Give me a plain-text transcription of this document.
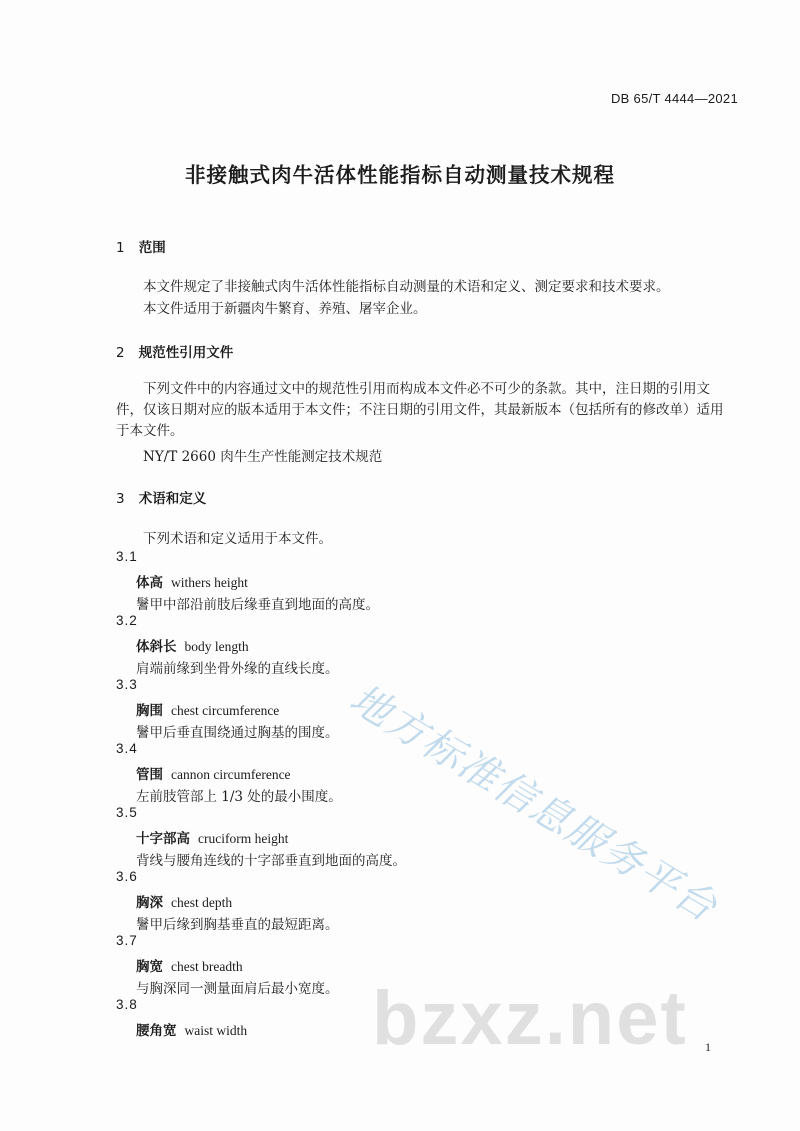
DB 65/T 4444—2021
非接触式肉牛活体性能指标自动测量技术规程
1 范围
本文件规定了非接触式肉牛活体性能指标自动测量的术语和定义、测定要求和技术要求。
本文件适用于新疆肉牛繁育、养殖、屠宰企业。
2 规范性引用文件

下列文件中的内容通过文中的规范性引用而构成本文件必不可少的条款。其中，注日期的引用文件，仅该日期对应的版本适用于本文件；不注日期的引用文件，其最新版本（包括所有的修改单）适用于本文件。

NY/T 2660 肉牛生产性能测定技术规范
3 术语和定义
下列术语和定义适用于本文件。
3.1
体高 withers height
鬐甲中部沿前肢后缘垂直到地面的高度。
3.2
体斜长 body length
肩端前缘到坐骨外缘的直线长度。
3.3
胸围 chest circumference
鬐甲后垂直围绕通过胸基的围度。
3.4
管围 cannon circumference
左前肢管部上 1/3 处的最小围度。
3.5
十字部高 cruciform height
背线与腰角连线的十字部垂直到地面的高度。
3.6
胸深 chest depth
鬐甲后缘到胸基垂直的最短距离。
3.7
胸宽 chest breadth
与胸深同一测量面肩后最小宽度。
3.8
腰角宽 waist width
地方标准信息服务平台
bzxz.net 1
